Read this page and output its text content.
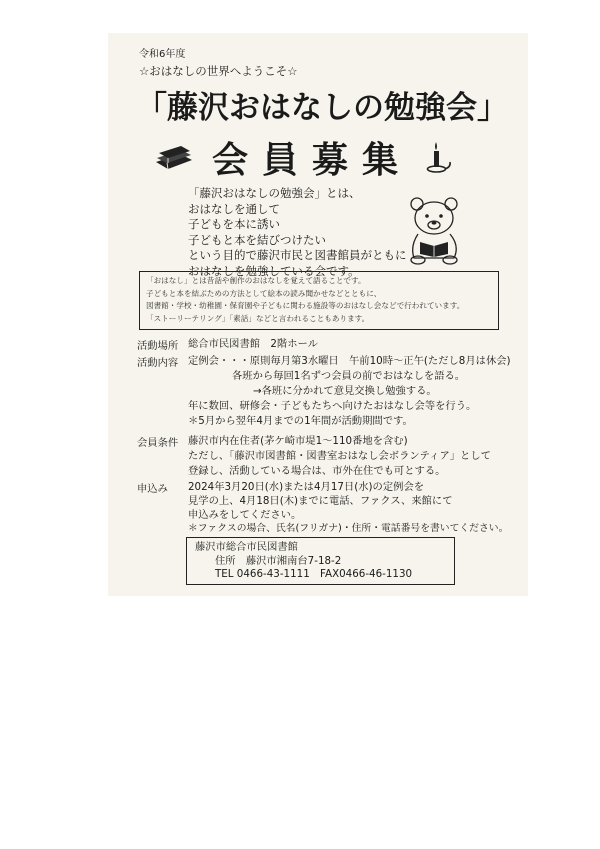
令和6年度
☆おはなしの世界へようこそ☆
「藤沢おはなしの勉強会」
会員募集
「藤沢おはなしの勉強会」とは、
おはなしを通して
子どもを本に誘い
子どもと本を結びつけたい
という目的で藤沢市民と図書館員がともに
おはなしを勉強している会です。
「おはなし」とは昔話や創作のおはなしを覚えて語ることです。
子どもと本を結ぶための方法として絵本の読み聞かせなどとともに、
図書館・学校・幼稚園・保育園や子どもに関わる施設等のおはなし会などで行われています。
「ストーリーテリング」「素話」などと言われることもあります。
活動場所 総合市民図書館　2階ホール
活動内容 定例会・・・原則毎月第3水曜日　午前10時～正午(ただし8月は休会)
各班から毎回1名ずつ会員の前でおはなしを語る。
→各班に分かれて意見交換し勉強する。
年に数回、研修会・子どもたちへ向けたおはなし会等を行う。
＊5月から翌年4月までの1年間が活動期間です。
会員条件 藤沢市内在住者(茅ケ崎市堤1～110番地を含む)
ただし、「藤沢市図書館・図書室おはなし会ボランティア」として
登録し、活動している場合は、市外在住でも可とする。
申込み 2024年3月20日(水)または4月17日(水)の定例会を
見学の上、4月18日(木)までに電話、ファクス、来館にて
申込みをしてください。
＊ファクスの場合、氏名(フリガナ)・住所・電話番号を書いてください。
藤沢市総合市民図書館
住所　藤沢市湘南台7-18-2
TEL 0466-43-1111　FAX0466-46-1130
